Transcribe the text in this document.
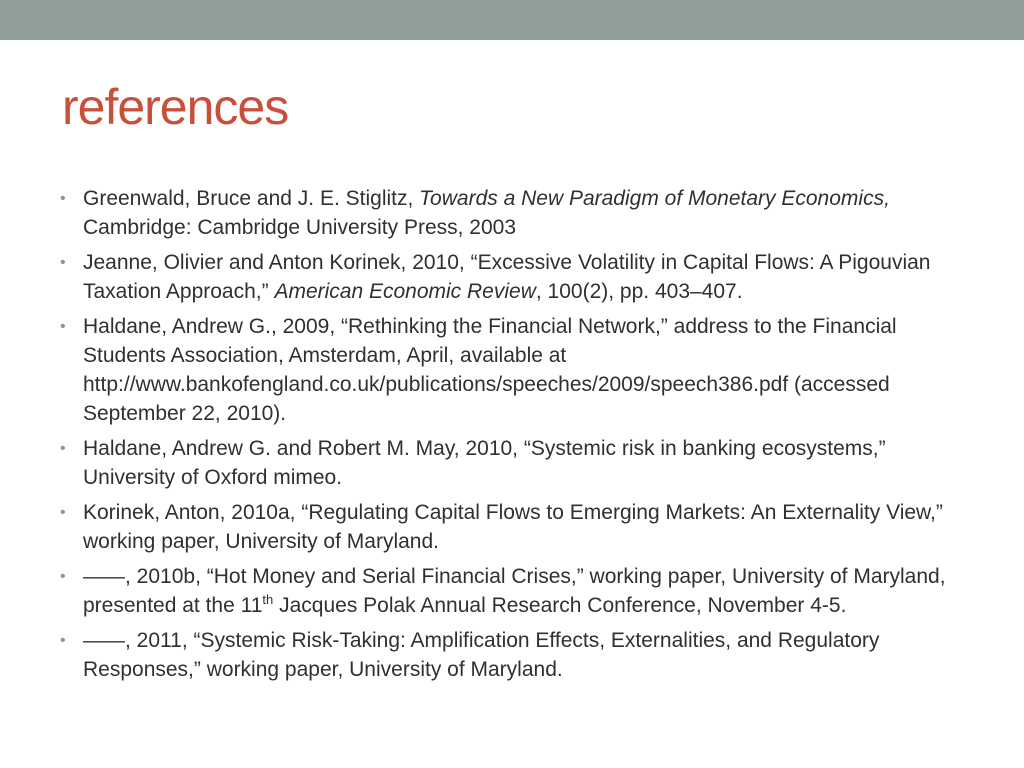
references
• Greenwald, Bruce and J. E. Stiglitz, Towards a New Paradigm of Monetary Economics, Cambridge: Cambridge University Press, 2003
• Jeanne, Olivier and Anton Korinek, 2010, “Excessive Volatility in Capital Flows: A Pigouvian Taxation Approach,” American Economic Review, 100(2), pp. 403–407.
• Haldane, Andrew G., 2009, “Rethinking the Financial Network,” address to the Financial Students Association, Amsterdam, April, available at http://www.bankofengland.co.uk/publications/speeches/2009/speech386.pdf (accessed September 22, 2010).
• Haldane, Andrew G. and Robert M. May, 2010, “Systemic risk in banking ecosystems,” University of Oxford mimeo.
• Korinek, Anton, 2010a, “Regulating Capital Flows to Emerging Markets: An Externality View,” working paper, University of Maryland.
• ——, 2010b, “Hot Money and Serial Financial Crises,” working paper, University of Maryland, presented at the 11th Jacques Polak Annual Research Conference, November 4-5.
• ——, 2011, “Systemic Risk-Taking: Amplification Effects, Externalities, and Regulatory Responses,” working paper, University of Maryland.
